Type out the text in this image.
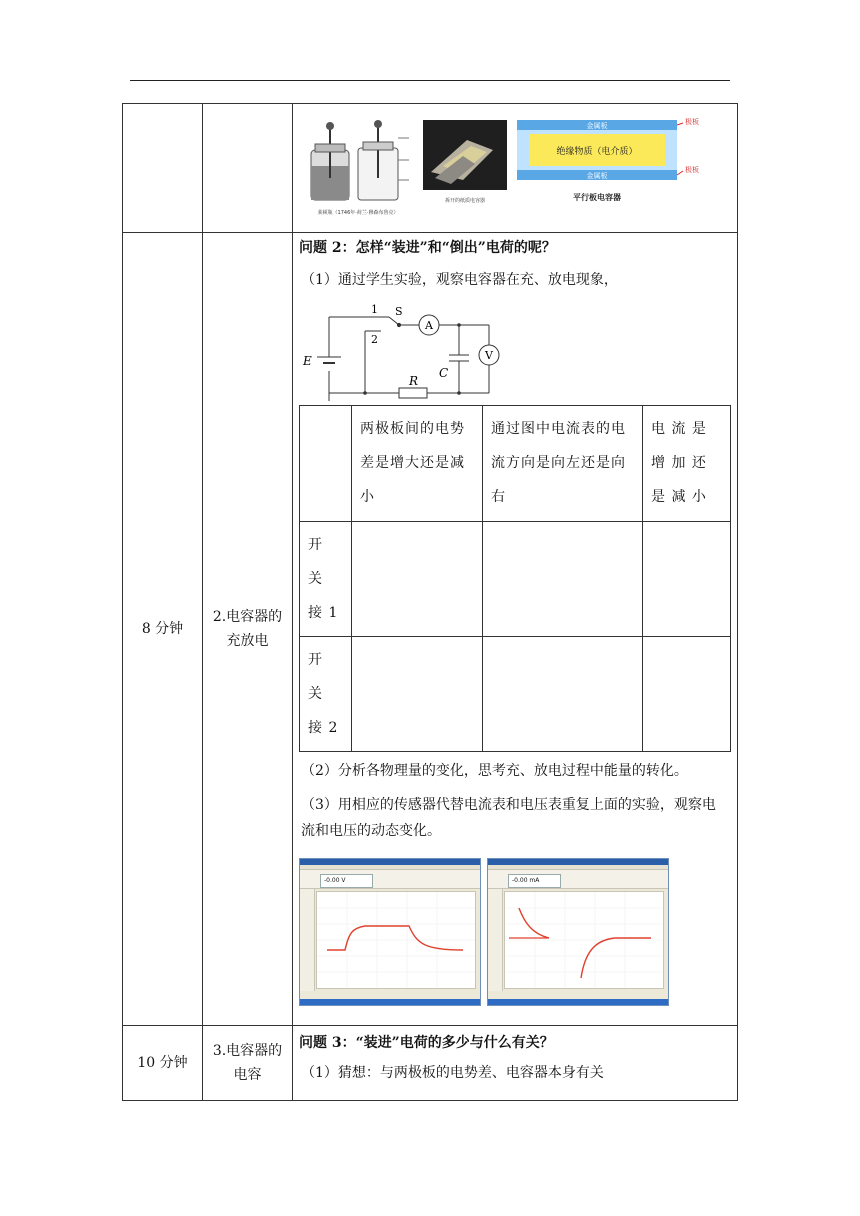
莱顿瓶（1746年·荷兰·穆森布鲁克）
拆开的纸质电容器
金属板
金属板
绝缘物质（电介质）
极板
极板
平行板电容器

8 分钟	
2.电容器的
充放电

问题 2：怎样“装进”和“倒出”电荷的呢？
（1）通过学生实验，观察电容器在充、放电现象，
1
2
S
A
V
E
C
R
	两极板间的电势差是增大还是减小	通过图中电流表的电流方向是向左还是向右	电 流 是 增 加 还 是 减 小
开 关 接 1			
开 关 接 2			
（2）分析各物理量的变化，思考充、放电过程中能量的转化。
（3）用相应的传感器代替电流表和电压表重复上面的实验，观察电流和电压的动态变化。
-0.00 V	-0.00 mA

10 分钟	
3.电容器的
电容

问题 3：“装进”电荷的多少与什么有关？
（1）猜想：与两极板的电势差、电容器本身有关
